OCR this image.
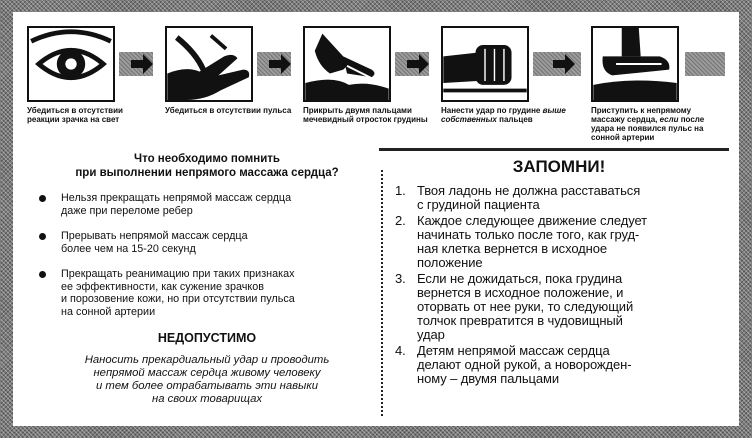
Убедиться в отсутствии реакции зрачка на свет
Убедиться в отсутствии пульса Прикрыть двумя пальцами мечевидный отросток грудины
Нанести удар по грудине выше собственных пальцев
Приступить к непрямому массажу сердца, если после удара не появился пульс на сонной артерии
Что необходимо помнить
при выполнении непрямого массажа сердца?
Нельзя прекращать непрямой массаж сердца
даже при переломе ребер
Прерывать непрямой массаж сердца
более чем на 15-20 секунд
Прекращать реанимацию при таких признаках
ее эффективности, как сужение зрачков
и порозовение кожи, но при отсутствии пульса
на сонной артерии
НЕДОПУСТИМО
Наносить прекардиальный удар и проводить
непрямой массаж сердца живому человеку
и тем более отрабатывать эти навыки
на своих товарищах
ЗАПОМНИ!
1. Твоя ладонь не должна расставаться
с грудиной пациента
2. Каждое следующее движение следует
начинать только после того, как груд-
ная клетка вернется в исходное
положение
3. Если не дожидаться, пока грудина
вернется в исходное положение, и
оторвать от нее руки, то следующий
толчок превратится в чудовищный
удар
4. Детям непрямой массаж сердца
делают одной рукой, а новорожден-
ному – двумя пальцами
